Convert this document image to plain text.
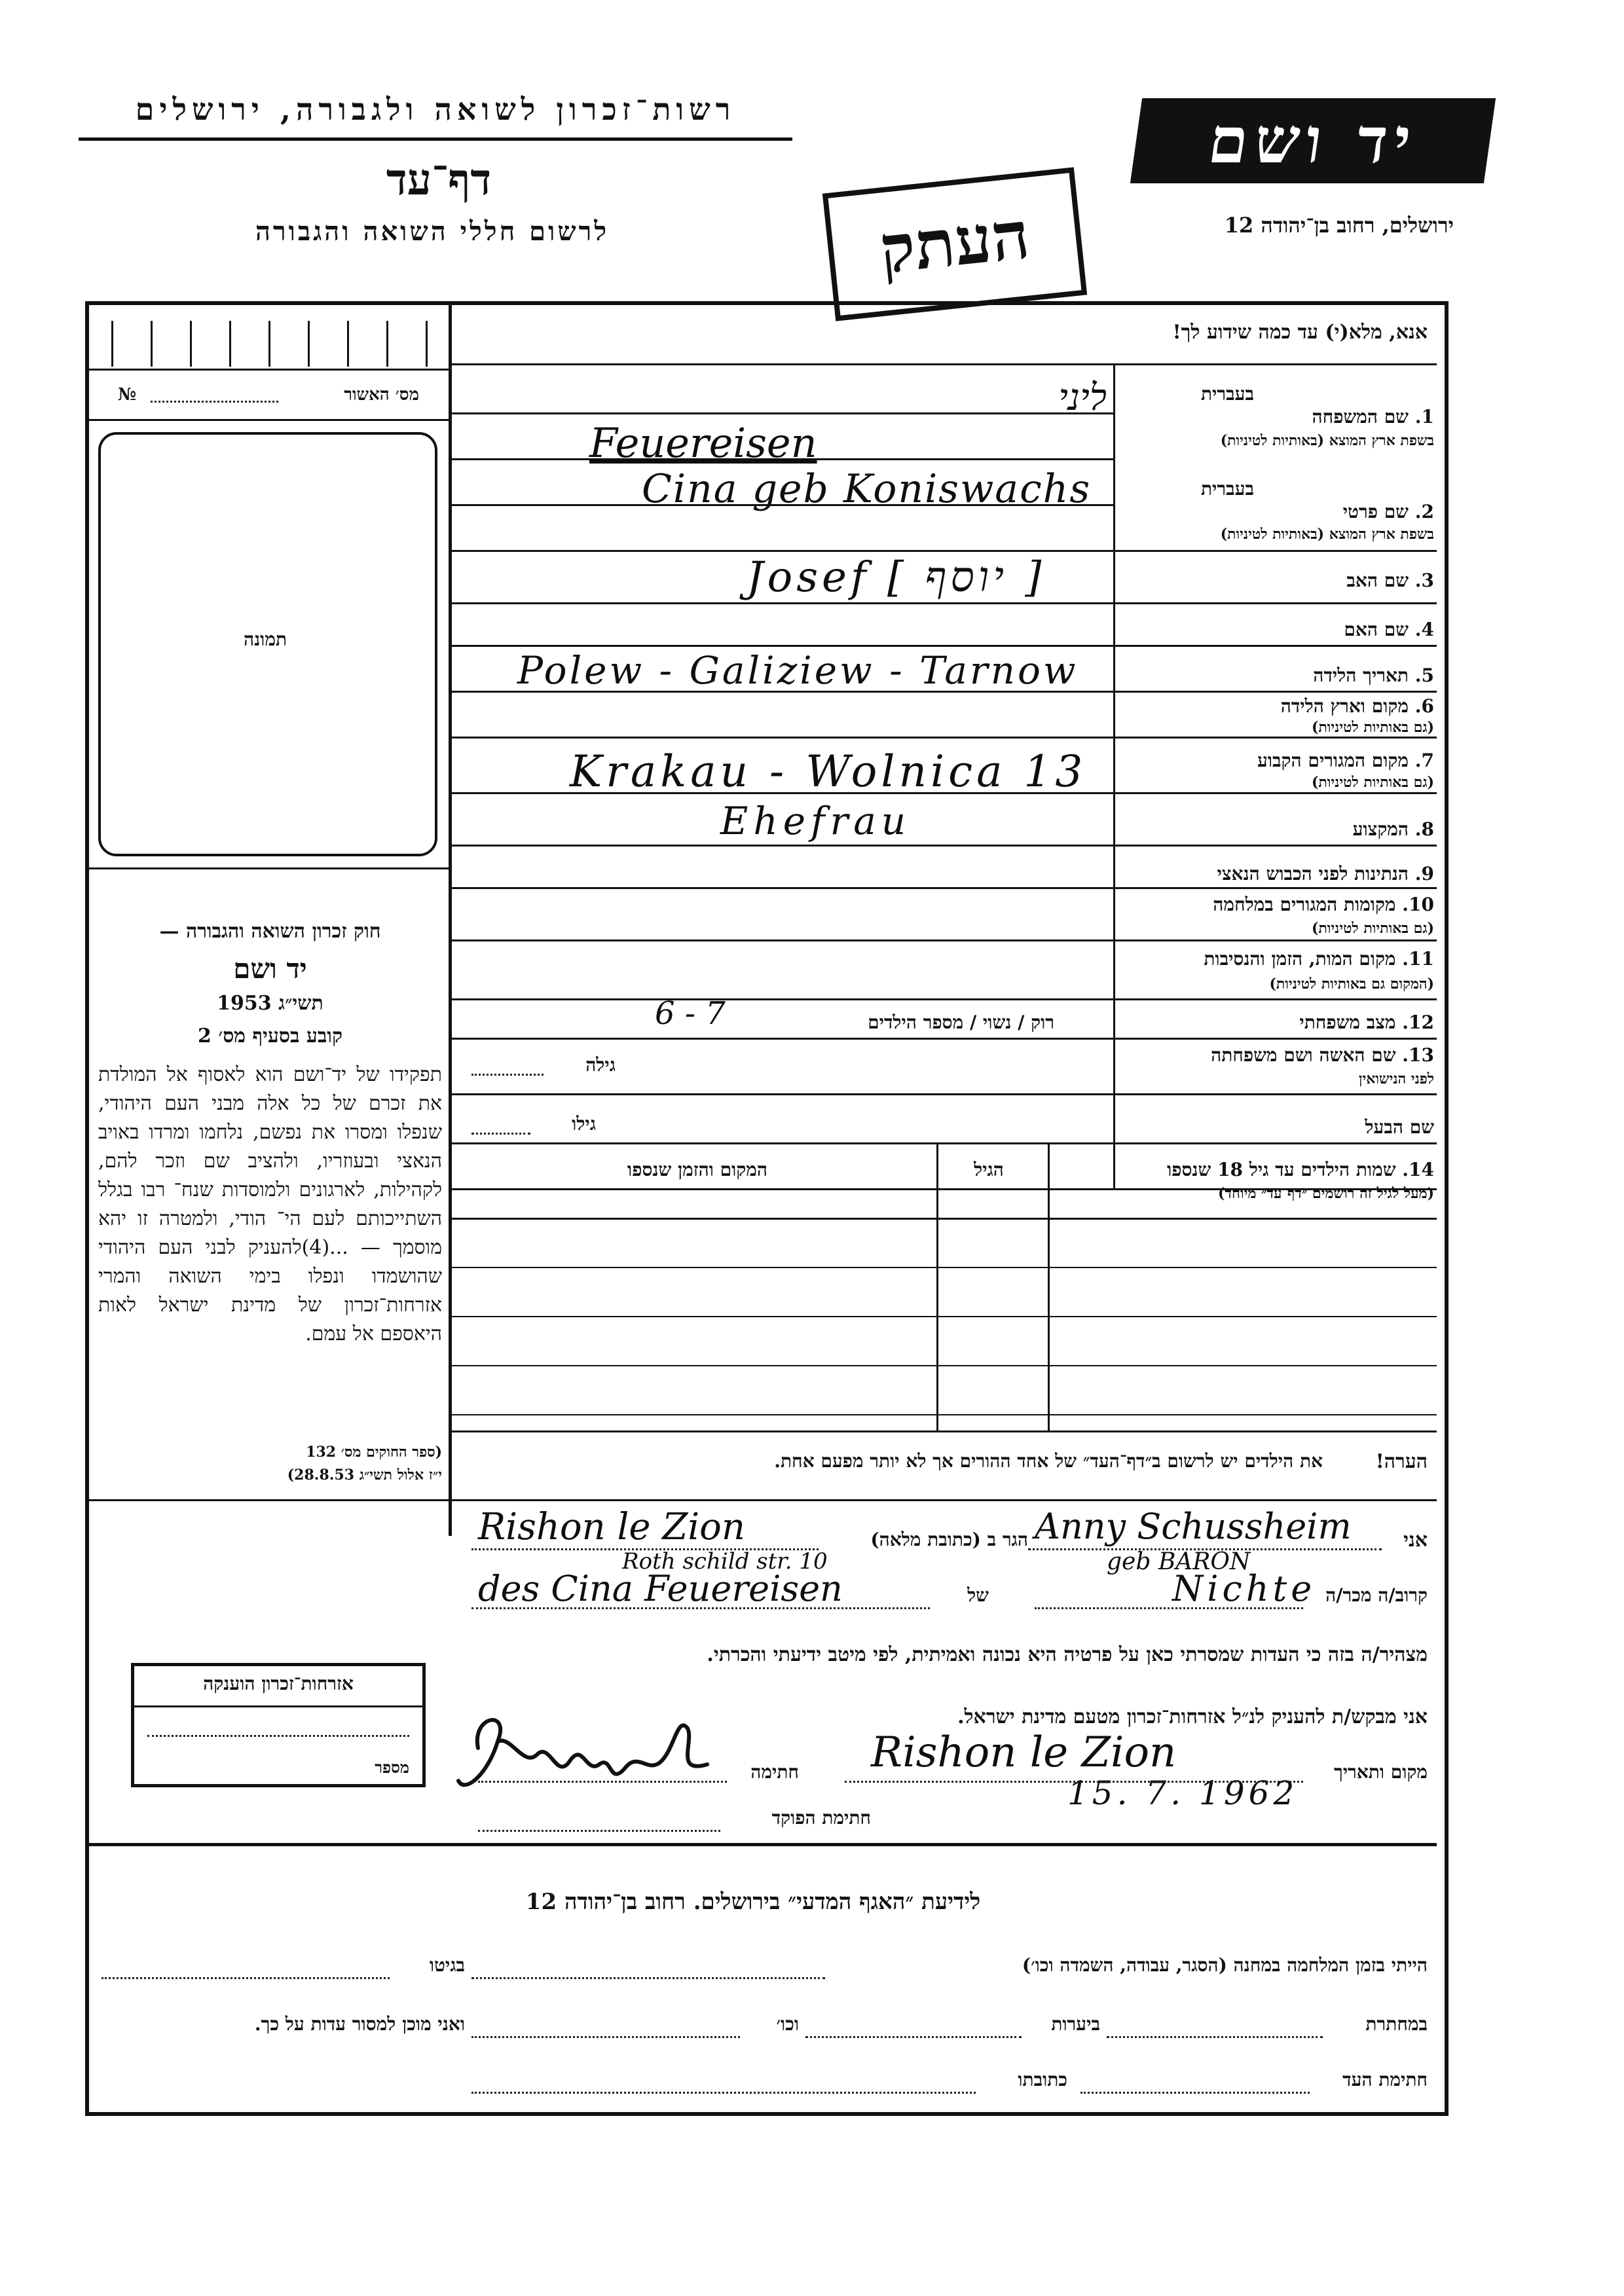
רשות־זכרון לשואה ולגבורה, ירושלים	יד ושם
ירושלים, רחוב בן־יהודה 12
דף־עד
לרשום חללי השואה והגבורה	העתק
מס׳ האשור
№
תמונה
חוק זכרון השואה והגבורה —
יד ושם
תשי״ג 1953
קובע בסעיף מס׳ 2
תפקידו של יד־ושם הוא לאסוף אל המולדת את זכרם של כל אלה מבני העם היהודי, שנפלו ומסרו את נפשם, נלחמו ומרדו באויב הנאצי ובעוזריו, ולהציב שם וזכר להם, לקהילות, לארגונים ולמוסדות שנח־ רבו בגלל השתייכותם לעם הי־ הודי, ולמטרה זו יהא מוסמך — ...(4)להעניק לבני העם היהודי שהושמדו ונפלו בימי השואה והמרי אזרחות־זכרון של מדינת ישראל לאות היאספם אל עמם.
(ספר החוקים מס׳ 132
י״ז אלול תשי״ג 28.8.53)
אנא, מלא(י) עד כמה שידוע לך!
בעברית
1. שם המשפחה
בשפת ארץ המוצא (באותיות לטיניות)
בעברית
2. שם פרטי
בשפת ארץ המוצא (באותיות לטיניות)
3. שם האב
4. שם האם
5. תאריך הלידה
6. מקום וארץ הלידה
(גם באותיות לטיניות)
7. מקום המגורים הקבוע
(גם באותיות לטיניות)
8. המקצוע
9. הנתינות לפני הכבוש הנאצי
10. מקומות המגורים במלחמה
(גם באותיות לטיניות)
11. מקום המות, הזמן והנסיבות
(המקום גם באותיות לטיניות)
12. מצב משפחתי
13. שם האשה ושם משפחתה
לפני הנישואין
שם הבעל
ליני
Feuereisen
Cina geb Koniswachs
Josef [ יוסף ]
Polew - Galiziew - Tarnow
Krakau - Wolnica 13
Ehefrau
רוק / נשוי / מספר הילדים
6 - 7
גילה
גילו
14. שמות הילדים עד גיל 18 שנספו
(מעל לגיל זה רושמים ״דף־עד״ מיוחד)
הגיל
המקום והזמן שנספו
הערה!
את הילדים יש לרשום ב״דף־העד״ של אחד ההורים אך לא יותר מפעם אחת.
אני
Anny Schussheim
geb BARON
הגר ב (כתובת מלאה)
Rishon le Zion
Roth schild str. 10
קרוב/ה מכר/ה
Nichte
של
des Cina Feuereisen
מצהיר/ה בזה כי העדות שמסרתי כאן על פרטיה היא נכונה ואמיתית, לפי מיטב ידיעתי והכרתי.
אזרחות־זכרון הוענקה
מספר
אני מבקש/ת להעניק לנ״ל אזרחות־זכרון מטעם מדינת ישראל.
מקום ותאריך
Rishon le Zion
15. 7. 1962
חתימה
חתימת הפוקד
לידיעת ״האגף המדעי״ בירושלים. רחוב בן־יהודה 12
הייתי בזמן המלחמה במחנה (הסגר, עבודה, השמדה וכו׳)
בגיטו
במחתרת
ביערות
וכו׳
ואני מוכן למסור עדות על כך.
חתימת העד
כתובתו
